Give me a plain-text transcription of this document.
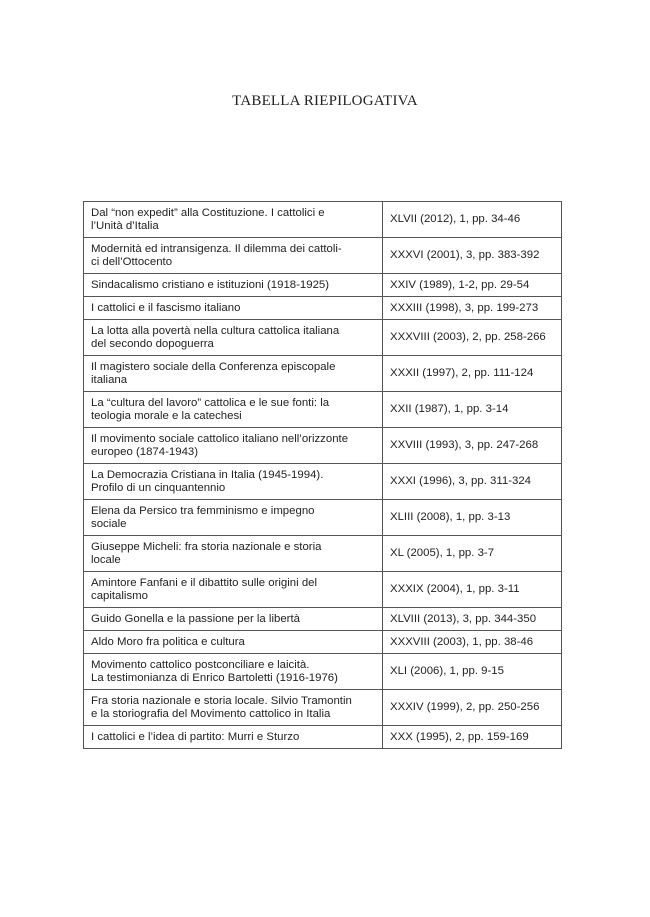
TABELLA RIEPILOGATIVA
Dal “non expedit” alla Costituzione. I cattolici e
l’Unità d’Italia	XLVII (2012), 1, pp. 34-46

Modernità ed intransigenza. Il dilemma dei cattoli-
ci dell’Ottocento	XXXVI (2001), 3, pp. 383-392

Sindacalismo cristiano e istituzioni (1918-1925)	XXIV (1989), 1-2, pp. 29-54

I cattolici e il fascismo italiano	XXXIII (1998), 3, pp. 199-273

La lotta alla povertà nella cultura cattolica italiana
del secondo dopoguerra	XXXVIII (2003), 2, pp. 258-266

Il magistero sociale della Conferenza episcopale
italiana	XXXII (1997), 2, pp. 111-124

La “cultura del lavoro” cattolica e le sue fonti: la
teologia morale e la catechesi	XXII (1987), 1, pp. 3-14

Il movimento sociale cattolico italiano nell’orizzonte
europeo (1874-1943)	XXVIII (1993), 3, pp. 247-268

La Democrazia Cristiana in Italia (1945-1994).
Profilo di un cinquantennio	XXXI (1996), 3, pp. 311-324

Elena da Persico tra femminismo e impegno
sociale	XLIII (2008), 1, pp. 3-13

Giuseppe Micheli: fra storia nazionale e storia
locale	XL (2005), 1, pp. 3-7

Amintore Fanfani e il dibattito sulle origini del
capitalismo	XXXIX (2004), 1, pp. 3-11

Guido Gonella e la passione per la libertà	XLVIII (2013), 3, pp. 344-350

Aldo Moro fra politica e cultura	XXXVIII (2003), 1, pp. 38-46

Movimento cattolico postconciliare e laicità.
La testimonianza di Enrico Bartoletti (1916-1976)	XLI (2006), 1, pp. 9-15

Fra storia nazionale e storia locale. Silvio Tramontin
e la storiografia del Movimento cattolico in Italia	XXXIV (1999), 2, pp. 250-256

I cattolici e l’idea di partito: Murri e Sturzo	XXX (1995), 2, pp. 159-169
